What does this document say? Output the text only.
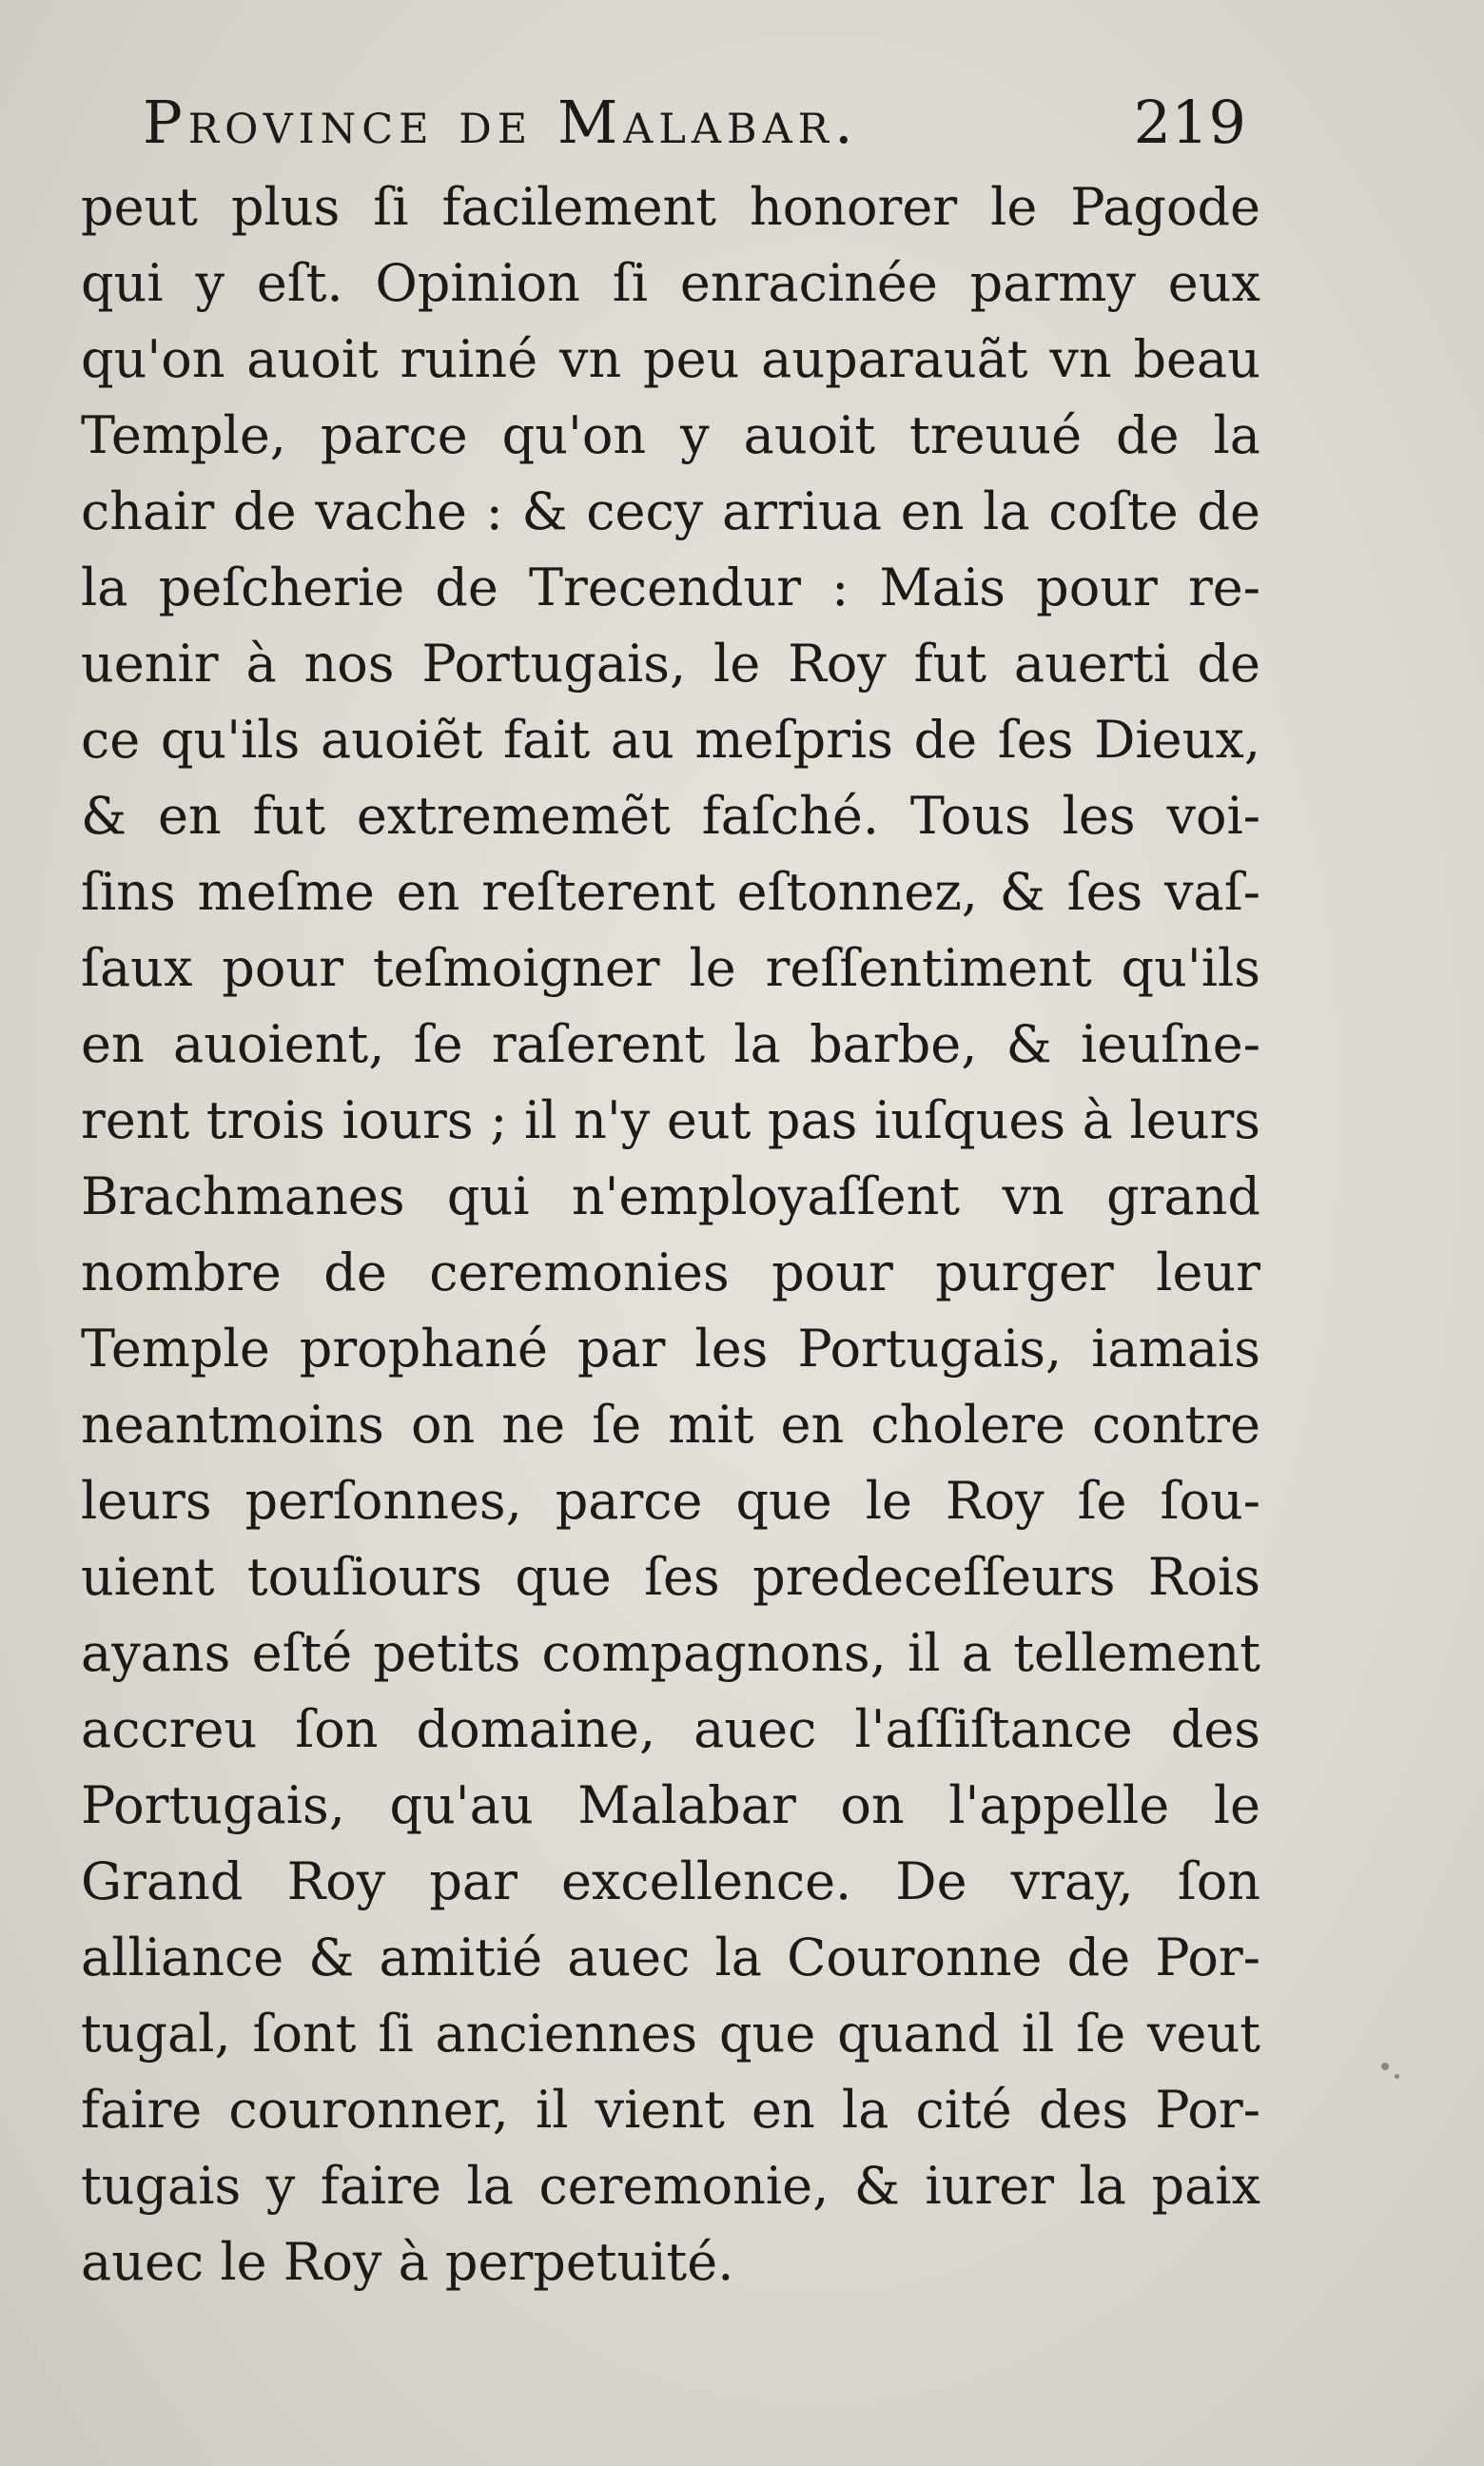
Province de Malabar.	219
peut plus ſi facilement honorer le Pagode
qui y eſt. Opinion ſi enracinée parmy eux
qu'on auoit ruiné vn peu auparauãt vn beau
Temple, parce qu'on y auoit treuué de la
chair de vache : & cecy arriua en la coſte de
la peſcherie de Trecendur : Mais pour re-
uenir à nos Portugais, le Roy fut auerti de
ce qu'ils auoiẽt fait au meſpris de ſes Dieux,
& en fut extrememẽt faſché. Tous les voi-
ſins meſme en reſterent eſtonnez, & ſes vaſ-
ſaux pour teſmoigner le reſſentiment qu'ils
en auoient, ſe raſerent la barbe, & ieuſne-
rent trois iours ; il n'y eut pas iuſques à leurs
Brachmanes qui n'employaſſent vn grand
nombre de ceremonies pour purger leur
Temple prophané par les Portugais, iamais
neantmoins on ne ſe mit en cholere contre
leurs perſonnes, parce que le Roy ſe ſou-
uient touſiours que ſes predeceſſeurs Rois
ayans eſté petits compagnons, il a tellement
accreu ſon domaine, auec l'aſſiſtance des
Portugais, qu'au Malabar on l'appelle le
Grand Roy par excellence. De vray, ſon
alliance & amitié auec la Couronne de Por-
tugal, ſont ſi anciennes que quand il ſe veut
faire couronner, il vient en la cité des Por-
tugais y faire la ceremonie, & iurer la paix
auec le Roy à perpetuité.
